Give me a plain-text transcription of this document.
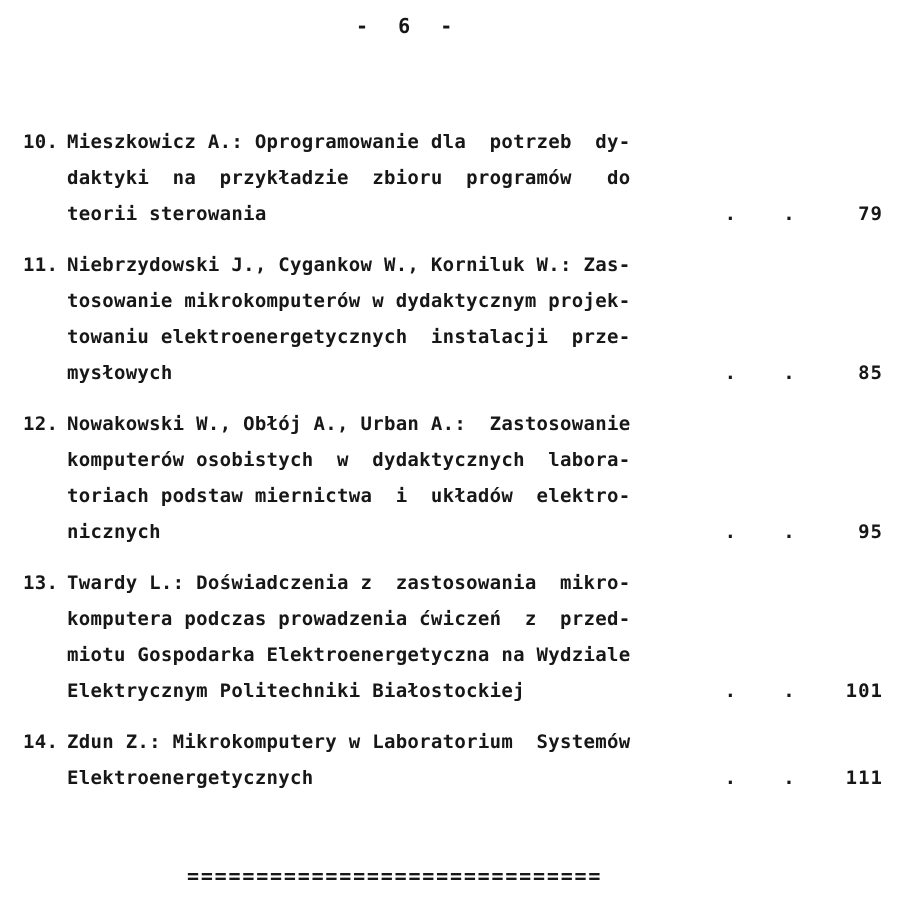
-  6  -
10. Mieszkowicz A.: Oprogramowanie dla  potrzeb  dy-
daktyki  na  przykładzie  zbioru  programów   do
teorii sterowania	.    .	79
11. Niebrzydowski J., Cygankow W., Korniluk W.: Zas-
tosowanie mikrokomputerów w dydaktycznym projek-
towaniu elektroenergetycznych  instalacji  prze-
mysłowych	.    .	85
12. Nowakowski W., Obłój A., Urban A.:  Zastosowanie
komputerów osobistych  w  dydaktycznych  labora-
toriach podstaw miernictwa  i  układów  elektro-
nicznych	.    .	95
13. Twardy L.: Doświadczenia z  zastosowania  mikro-
komputera podczas prowadzenia ćwiczeń  z  przed-
miotu Gospodarka Elektroenergetyczna na Wydziale
Elektrycznym Politechniki Białostockiej	.    .	101
14. Zdun Z.: Mikrokomputery w Laboratorium  Systemów
Elektroenergetycznych	.    .	111
==============================
